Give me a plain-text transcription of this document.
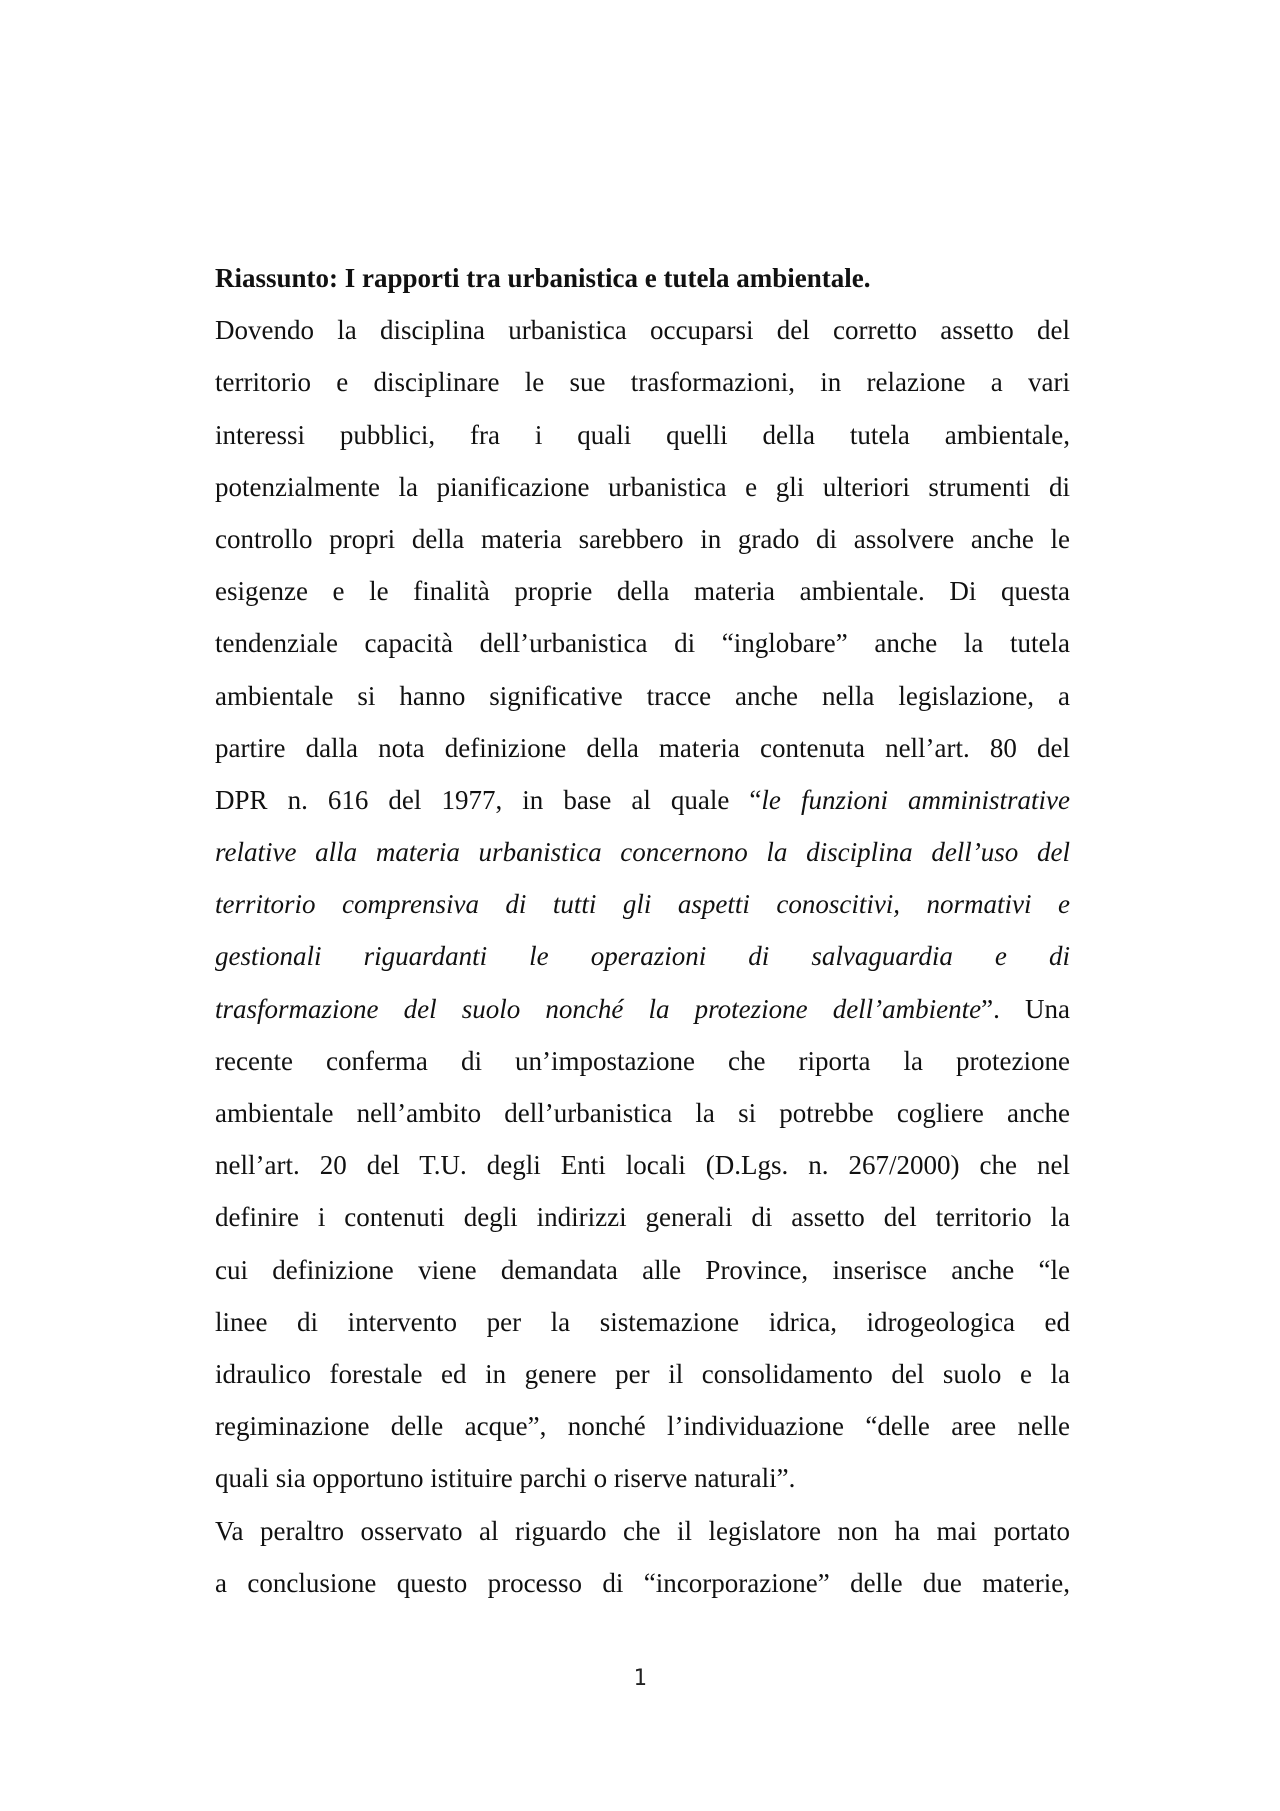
Riassunto: I rapporti tra urbanistica e tutela ambientale.

Dovendo la disciplina urbanistica occuparsi del corretto assetto del
territorio e disciplinare le sue trasformazioni, in relazione a vari
interessi pubblici, fra i quali quelli della tutela ambientale,
potenzialmente la pianificazione urbanistica e gli ulteriori strumenti di
controllo propri della materia sarebbero in grado di assolvere anche le
esigenze e le finalità proprie della materia ambientale. Di questa
tendenziale capacità dell’urbanistica di “inglobare” anche la tutela
ambientale si hanno significative tracce anche nella legislazione, a
partire dalla nota definizione della materia contenuta nell’art. 80 del
DPR n. 616 del 1977, in base al quale “le funzioni amministrative
relative alla materia urbanistica concernono la disciplina dell’uso del
territorio comprensiva di tutti gli aspetti conoscitivi, normativi e
gestionali riguardanti le operazioni di salvaguardia e di
trasformazione del suolo nonché la protezione dell’ambiente”. Una
recente conferma di un’impostazione che riporta la protezione
ambientale nell’ambito dell’urbanistica la si potrebbe cogliere anche
nell’art. 20 del T.U. degli Enti locali (D.Lgs. n. 267/2000) che nel
definire i contenuti degli indirizzi generali di assetto del territorio la
cui definizione viene demandata alle Province, inserisce anche “le
linee di intervento per la sistemazione idrica, idrogeologica ed
idraulico forestale ed in genere per il consolidamento del suolo e la
regiminazione delle acque”, nonché l’individuazione “delle aree nelle
quali sia opportuno istituire parchi o riserve naturali”.
Va peraltro osservato al riguardo che il legislatore non ha mai portato
a conclusione questo processo di “incorporazione” delle due materie,
1
